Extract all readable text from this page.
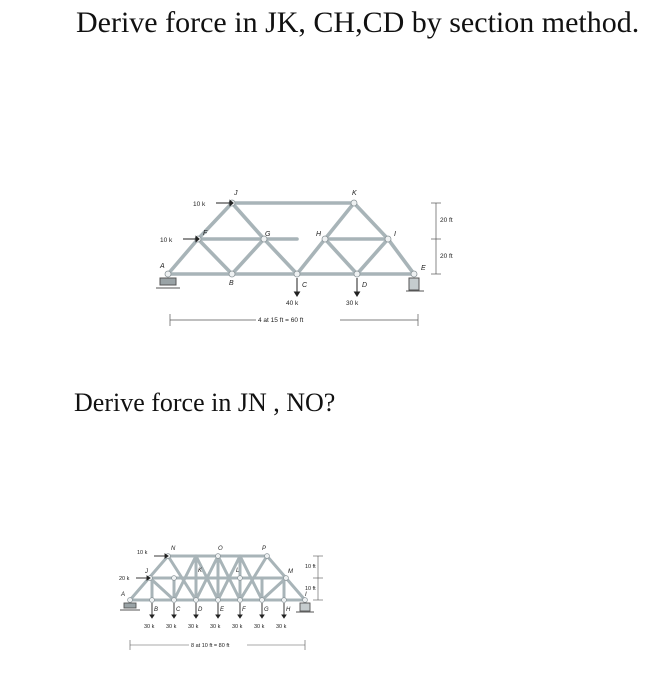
Derive force in JK, CH,CD by section method.
A
B	C	D
E
F	G	H	I
J	K
10 k
10 k
40 k	30 k
4 at 15 ft = 60 ft
20 ft
20 ft
Derive force in JN , NO?
A
B	C	D	E	F	G	H
I
J	K	L	M
N	O	P
10 k
20 k
30 k 30 k 30 k 30 k 30 k 30 k 30 k
8 at 10 ft = 80 ft
10 ft
10 ft
